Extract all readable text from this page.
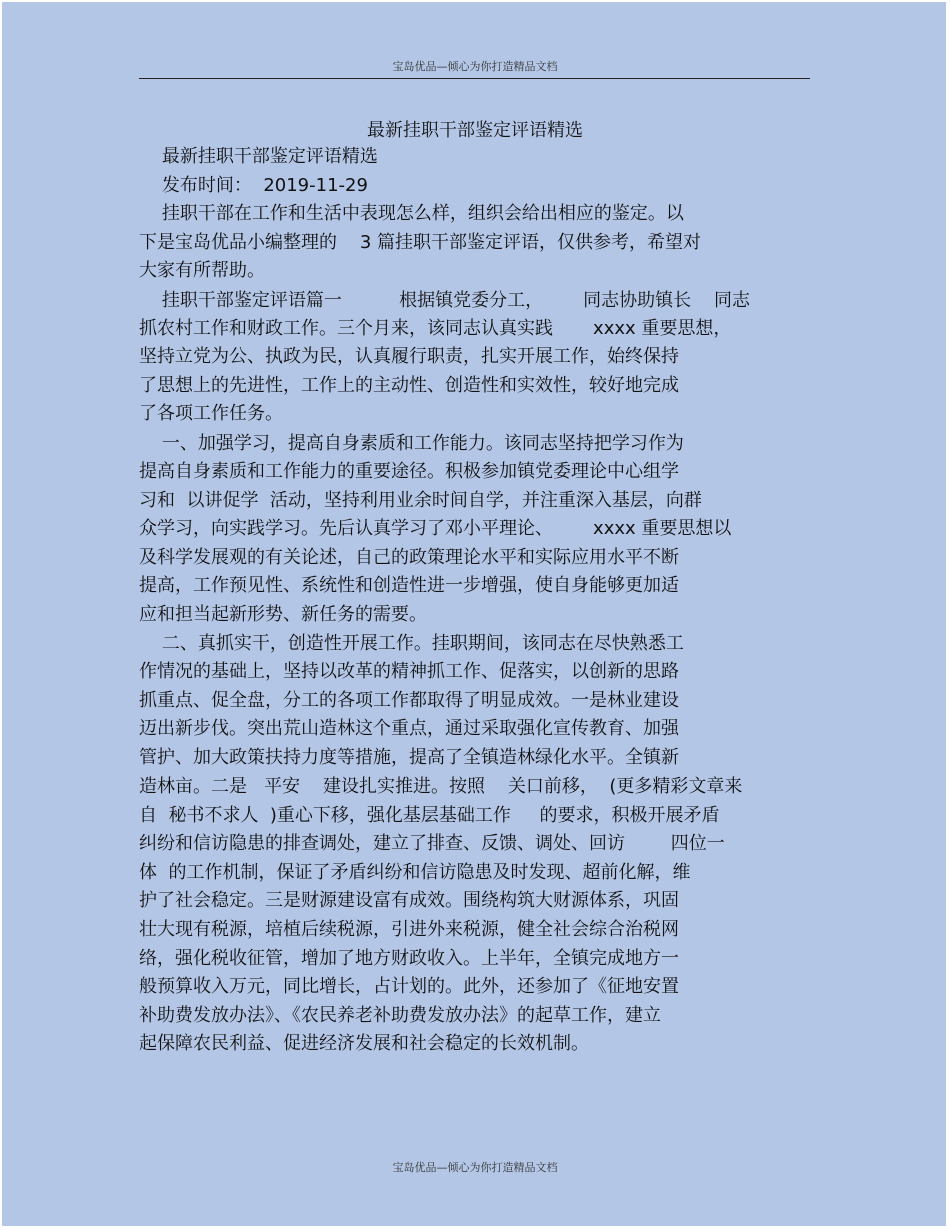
宝岛优品—倾心为你打造精品文档
最新挂职干部鉴定评语精选
最新挂职干部鉴定评语精选
发布时间：  2019-11-29
挂职干部在工作和生活中表现怎么样，组织会给出相应的鉴定。以
下是宝岛优品小编整理的    3 篇挂职干部鉴定评语，仅供参考，希望对
大家有所帮助。
挂职干部鉴定评语篇一          根据镇党委分工，       同志协助镇长    同志
抓农村工作和财政工作。三个月来，该同志认真实践       xxxx 重要思想，
坚持立党为公、执政为民，认真履行职责，扎实开展工作，始终保持
了思想上的先进性，工作上的主动性、创造性和实效性，较好地完成
了各项工作任务。
一、加强学习，提高自身素质和工作能力。该同志坚持把学习作为
提高自身素质和工作能力的重要途径。积极参加镇党委理论中心组学
习和  以讲促学  活动，坚持利用业余时间自学，并注重深入基层，向群
众学习，向实践学习。先后认真学习了邓小平理论、       xxxx 重要思想以
及科学发展观的有关论述，自己的政策理论水平和实际应用水平不断
提高，工作预见性、系统性和创造性进一步增强，使自身能够更加适
应和担当起新形势、新任务的需要。
二、真抓实干，创造性开展工作。挂职期间，该同志在尽快熟悉工
作情况的基础上，坚持以改革的精神抓工作、促落实，以创新的思路
抓重点、促全盘，分工的各项工作都取得了明显成效。一是林业建设
迈出新步伐。突出荒山造林这个重点，通过采取强化宣传教育、加强
管护、加大政策扶持力度等措施，提高了全镇造林绿化水平。全镇新
造林亩。二是   平安    建设扎实推进。按照    关口前移，  (更多精彩文章来
自  秘书不求人  )重心下移，强化基层基础工作     的要求，积极开展矛盾
纠纷和信访隐患的排查调处，建立了排查、反馈、调处、回访        四位一
体  的工作机制，保证了矛盾纠纷和信访隐患及时发现、超前化解，维
护了社会稳定。三是财源建设富有成效。围绕构筑大财源体系，巩固
壮大现有税源，培植后续税源，引进外来税源，健全社会综合治税网
络，强化税收征管，增加了地方财政收入。上半年，全镇完成地方一
般预算收入万元，同比增长，占计划的。此外，还参加了《征地安置
补助费发放办法》、《农民养老补助费发放办法》的起草工作，建立
起保障农民利益、促进经济发展和社会稳定的长效机制。
宝岛优品—倾心为你打造精品文档
